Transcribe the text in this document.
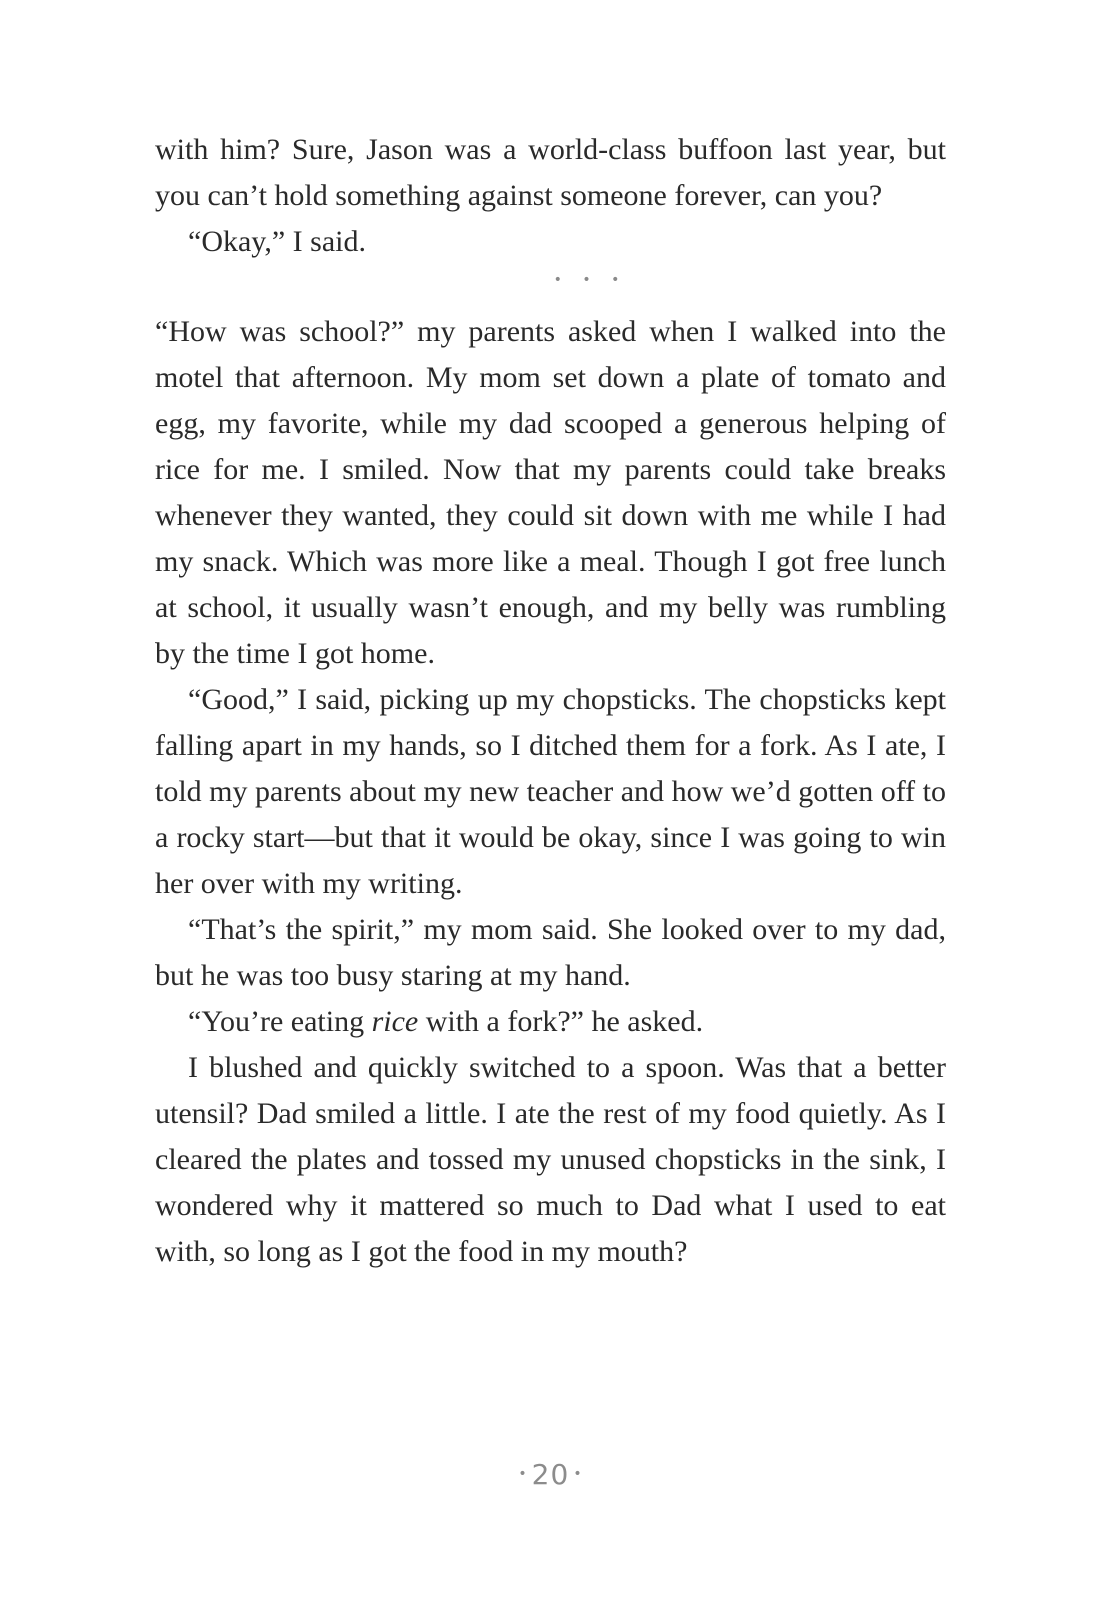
with him? Sure, Jason was a world-class buffoon last year, but you can’t hold something against someone forever, can you?

“Okay,” I said.

• • •

“How was school?” my parents asked when I walked into the motel that afternoon. My mom set down a plate of tomato and egg, my favorite, while my dad scooped a generous helping of rice for me. I smiled. Now that my parents could take breaks whenever they wanted, they could sit down with me while I had my snack. Which was more like a meal. Though I got free lunch at school, it usually wasn’t enough, and my belly was rumbling by the time I got home.

“Good,” I said, picking up my chopsticks. The chopsticks kept falling apart in my hands, so I ditched them for a fork. As I ate, I told my parents about my new teacher and how we’d gotten off to a rocky start—but that it would be okay, since I was going to win her over with my writing.

“That’s the spirit,” my mom said. She looked over to my dad, but he was too busy staring at my hand.

“You’re eating rice with a fork?” he asked.

I blushed and quickly switched to a spoon. Was that a better utensil? Dad smiled a little. I ate the rest of my food quietly. As I cleared the plates and tossed my unused chopsticks in the sink, I wondered why it mattered so much to Dad what I used to eat with, so long as I got the food in my mouth?

• 20 •
